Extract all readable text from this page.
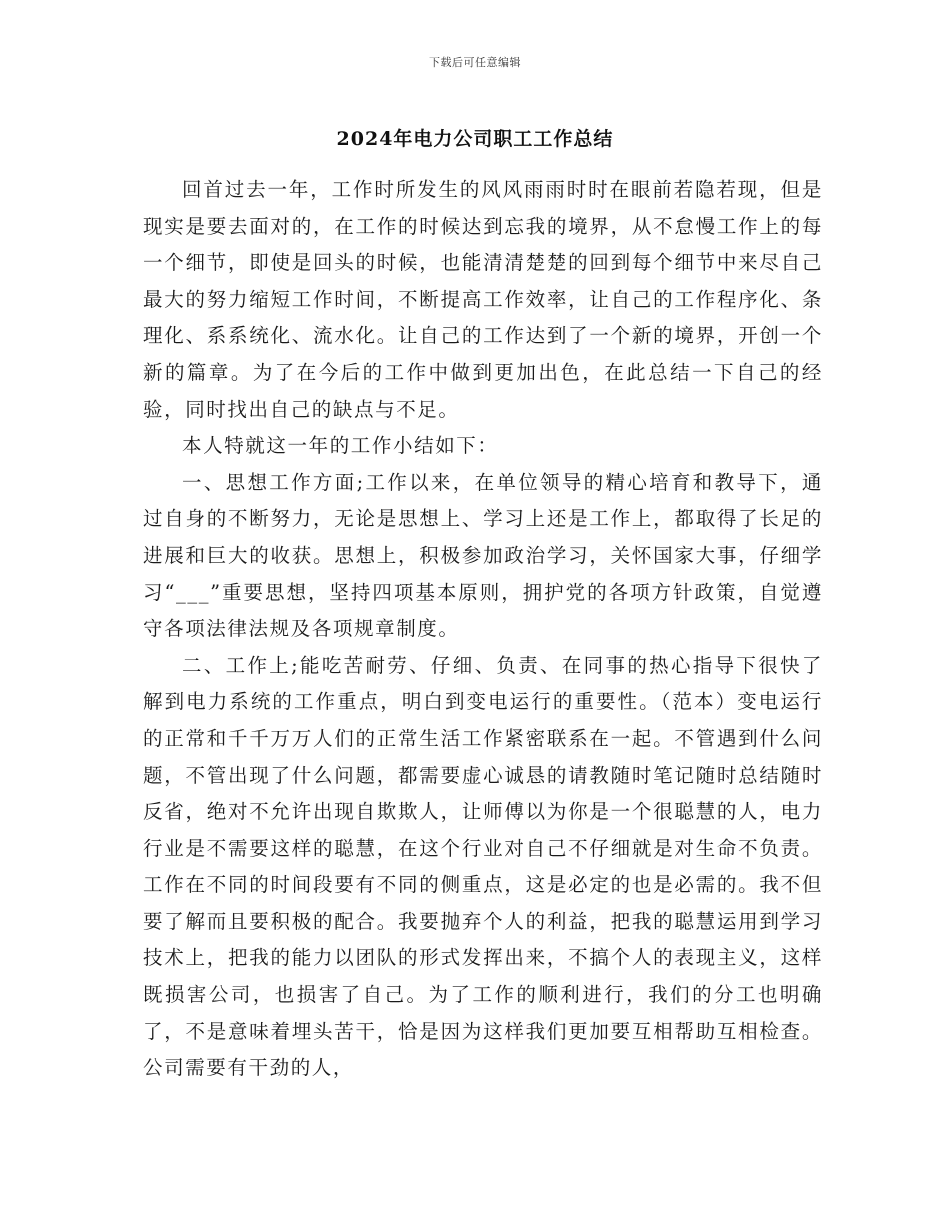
下载后可任意编辑
2024年电力公司职工工作总结

回首过去一年，工作时所发生的风风雨雨时时在眼前若隐若现，但是现实是要去面对的，在工作的时候达到忘我的境界，从不怠慢工作上的每一个细节，即使是回头的时候，也能清清楚楚的回到每个细节中来尽自己最大的努力缩短工作时间，不断提高工作效率，让自己的工作程序化、条理化、系系统化、流水化。让自己的工作达到了一个新的境界，开创一个新的篇章。为了在今后的工作中做到更加出色，在此总结一下自己的经验，同时找出自己的缺点与不足。

本人特就这一年的工作小结如下：

一、思想工作方面;工作以来，在单位领导的精心培育和教导下，通过自身的不断努力，无论是思想上、学习上还是工作上，都取得了长足的进展和巨大的收获。思想上，积极参加政治学习，关怀国家大事，仔细学习“___”重要思想，坚持四项基本原则，拥护党的各项方针政策，自觉遵守各项法律法规及各项规章制度。

二、工作上;能吃苦耐劳、仔细、负责、在同事的热心指导下很快了解到电力系统的工作重点，明白到变电运行的重要性。（范本）变电运行的正常和千千万万人们的正常生活工作紧密联系在一起。不管遇到什么问题，不管出现了什么问题，都需要虚心诚恳的请教随时笔记随时总结随时反省，绝对不允许出现自欺欺人，让师傅以为你是一个很聪慧的人，电力行业是不需要这样的聪慧，在这个行业对自己不仔细就是对生命不负责。工作在不同的时间段要有不同的侧重点，这是必定的也是必需的。我不但要了解而且要积极的配合。我要抛弃个人的利益，把我的聪慧运用到学习技术上，把我的能力以团队的形式发挥出来，不搞个人的表现主义，这样既损害公司，也损害了自己。为了工作的顺利进行，我们的分工也明确了，不是意味着埋头苦干，恰是因为这样我们更加要互相帮助互相检查。公司需要有干劲的人，
